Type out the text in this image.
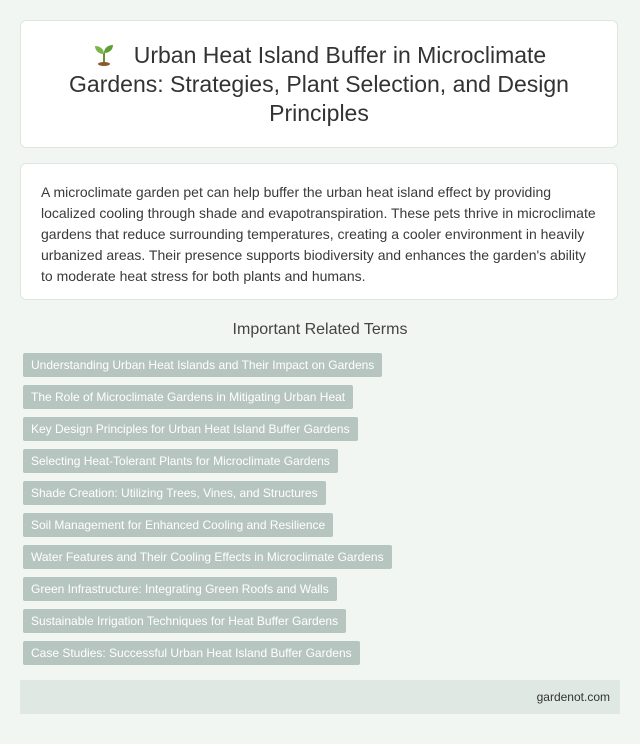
Urban Heat Island Buffer in Microclimate Gardens: Strategies, Plant Selection, and Design Principles

A microclimate garden pet can help buffer the urban heat island effect by providing localized cooling through shade and evapotranspiration. These pets thrive in microclimate gardens that reduce surrounding temperatures, creating a cooler environment in heavily urbanized areas. Their presence supports biodiversity and enhances the garden's ability to moderate heat stress for both plants and humans.

Important Related Terms
Understanding Urban Heat Islands and Their Impact on Gardens
The Role of Microclimate Gardens in Mitigating Urban Heat
Key Design Principles for Urban Heat Island Buffer Gardens
Selecting Heat-Tolerant Plants for Microclimate Gardens
Shade Creation: Utilizing Trees, Vines, and Structures
Soil Management for Enhanced Cooling and Resilience
Water Features and Their Cooling Effects in Microclimate Gardens
Green Infrastructure: Integrating Green Roofs and Walls
Sustainable Irrigation Techniques for Heat Buffer Gardens
Case Studies: Successful Urban Heat Island Buffer Gardens
gardenot.com
